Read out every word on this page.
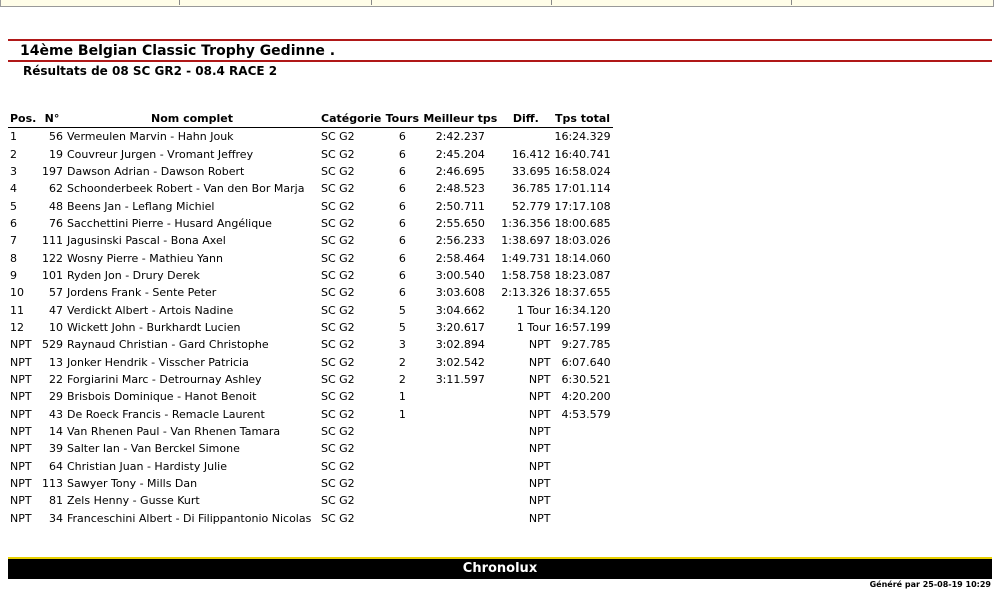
14ème Belgian Classic Trophy Gedinne .
Résultats de 08 SC GR2 - 08.4 RACE 2
Pos.	N°	Nom complet	Catégorie	Tours	Meilleur tps	Diff.	Tps total
1	56	Vermeulen Marvin - Hahn Jouk	SC G2	6	2:42.237		16:24.329
2	19	Couvreur Jurgen - Vromant Jeffrey	SC G2	6	2:45.204	16.412	16:40.741
3	197	Dawson Adrian - Dawson Robert	SC G2	6	2:46.695	33.695	16:58.024
4	62	Schoonderbeek Robert - Van den Bor Marja	SC G2	6	2:48.523	36.785	17:01.114
5	48	Beens Jan - Leflang Michiel	SC G2	6	2:50.711	52.779	17:17.108
6	76	Sacchettini Pierre - Husard Angélique	SC G2	6	2:55.650	1:36.356	18:00.685
7	111	Jagusinski Pascal - Bona Axel	SC G2	6	2:56.233	1:38.697	18:03.026
8	122	Wosny Pierre - Mathieu Yann	SC G2	6	2:58.464	1:49.731	18:14.060
9	101	Ryden Jon - Drury Derek	SC G2	6	3:00.540	1:58.758	18:23.087
10	57	Jordens Frank - Sente Peter	SC G2	6	3:03.608	2:13.326	18:37.655
11	47	Verdickt Albert - Artois Nadine	SC G2	5	3:04.662	1 Tour	16:34.120
12	10	Wickett John - Burkhardt Lucien	SC G2	5	3:20.617	1 Tour	16:57.199
NPT	529	Raynaud Christian - Gard Christophe	SC G2	3	3:02.894	NPT	9:27.785
NPT	13	Jonker Hendrik - Visscher Patricia	SC G2	2	3:02.542	NPT	6:07.640
NPT	22	Forgiarini Marc - Detrournay Ashley	SC G2	2	3:11.597	NPT	6:30.521
NPT	29	Brisbois Dominique - Hanot Benoit	SC G2	1		NPT	4:20.200
NPT	43	De Roeck Francis - Remacle Laurent	SC G2	1		NPT	4:53.579
NPT	14	Van Rhenen Paul - Van Rhenen Tamara	SC G2			NPT	
NPT	39	Salter Ian - Van Berckel Simone	SC G2			NPT	
NPT	64	Christian Juan - Hardisty Julie	SC G2			NPT	
NPT	113	Sawyer Tony - Mills Dan	SC G2			NPT	
NPT	81	Zels Henny - Gusse Kurt	SC G2			NPT	
NPT	34	Franceschini Albert - Di Filippantonio Nicolas	SC G2			NPT	
Chronolux
Généré par 25-08-19 10:29
